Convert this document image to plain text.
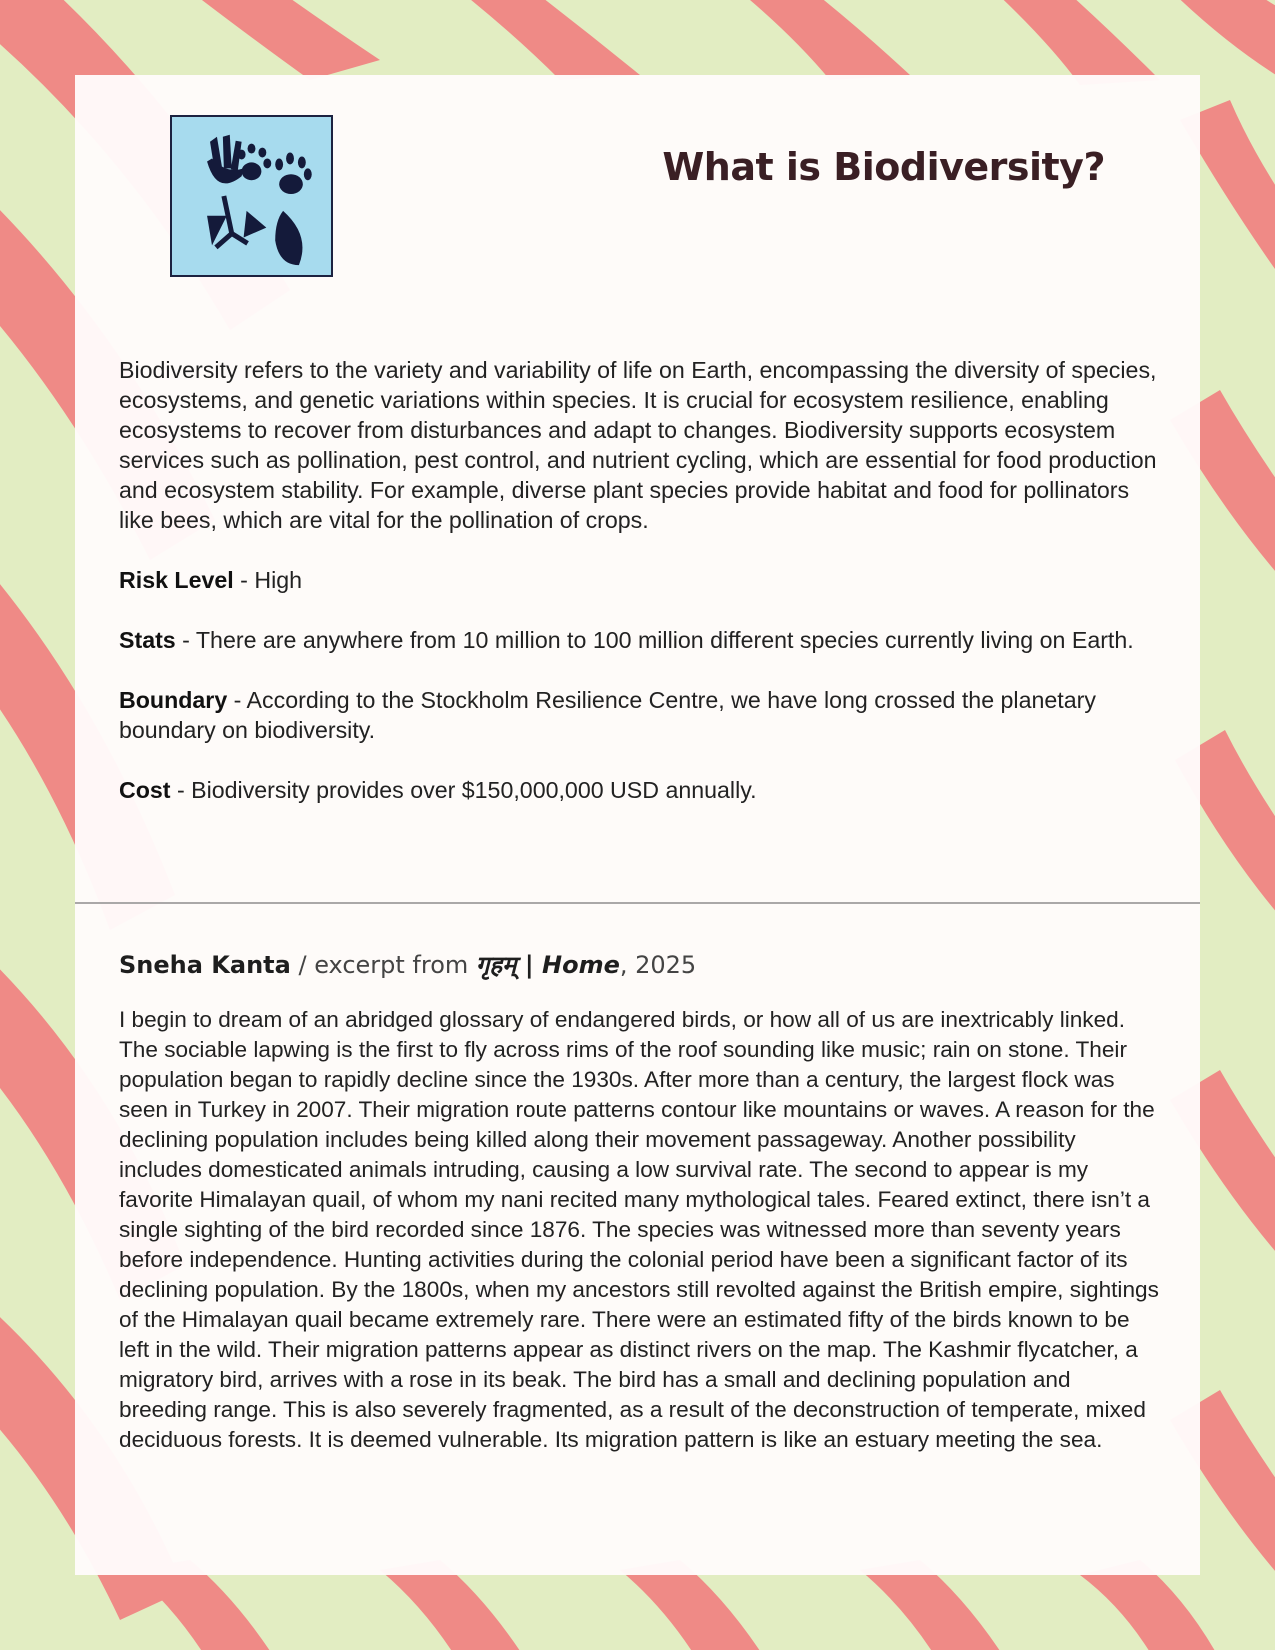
What is Biodiversity?

Biodiversity refers to the variety and variability of life on Earth, encompassing the diversity of species, ecosystems, and genetic variations within species. It is crucial for ecosystem resilience, enabling ecosystems to recover from disturbances and adapt to changes. Biodiversity supports ecosystem services such as pollination, pest control, and nutrient cycling, which are essential for food production and ecosystem stability. For example, diverse plant species provide habitat and food for pollinators like bees, which are vital for the pollination of crops.

Risk Level - High

Stats - There are anywhere from 10 million to 100 million different species currently living on Earth.

Boundary - According to the Stockholm Resilience Centre, we have long crossed the planetary boundary on biodiversity.

Cost - Biodiversity provides over $150,000,000 USD annually.

Sneha Kanta / excerpt from गृहम् | Home, 2025

I begin to dream of an abridged glossary of endangered birds, or how all of us are inextricably linked. The sociable lapwing is the first to fly across rims of the roof sounding like music; rain on stone. Their population began to rapidly decline since the 1930s. After more than a century, the largest flock was seen in Turkey in 2007. Their migration route patterns contour like mountains or waves. A reason for the declining population includes being killed along their movement passageway. Another possibility includes domesticated animals intruding, causing a low survival rate. The second to appear is my favorite Himalayan quail, of whom my nani recited many mythological tales. Feared extinct, there isn’t a single sighting of the bird recorded since 1876. The species was witnessed more than seventy years before independence. Hunting activities during the colonial period have been a significant factor of its declining population. By the 1800s, when my ancestors still revolted against the British empire, sightings of the Himalayan quail became extremely rare. There were an estimated fifty of the birds known to be left in the wild. Their migration patterns appear as distinct rivers on the map. The Kashmir flycatcher, a migratory bird, arrives with a rose in its beak. The bird has a small and declining population and breeding range. This is also severely fragmented, as a result of the deconstruction of temperate, mixed deciduous forests. It is deemed vulnerable. Its migration pattern is like an estuary meeting the sea.
